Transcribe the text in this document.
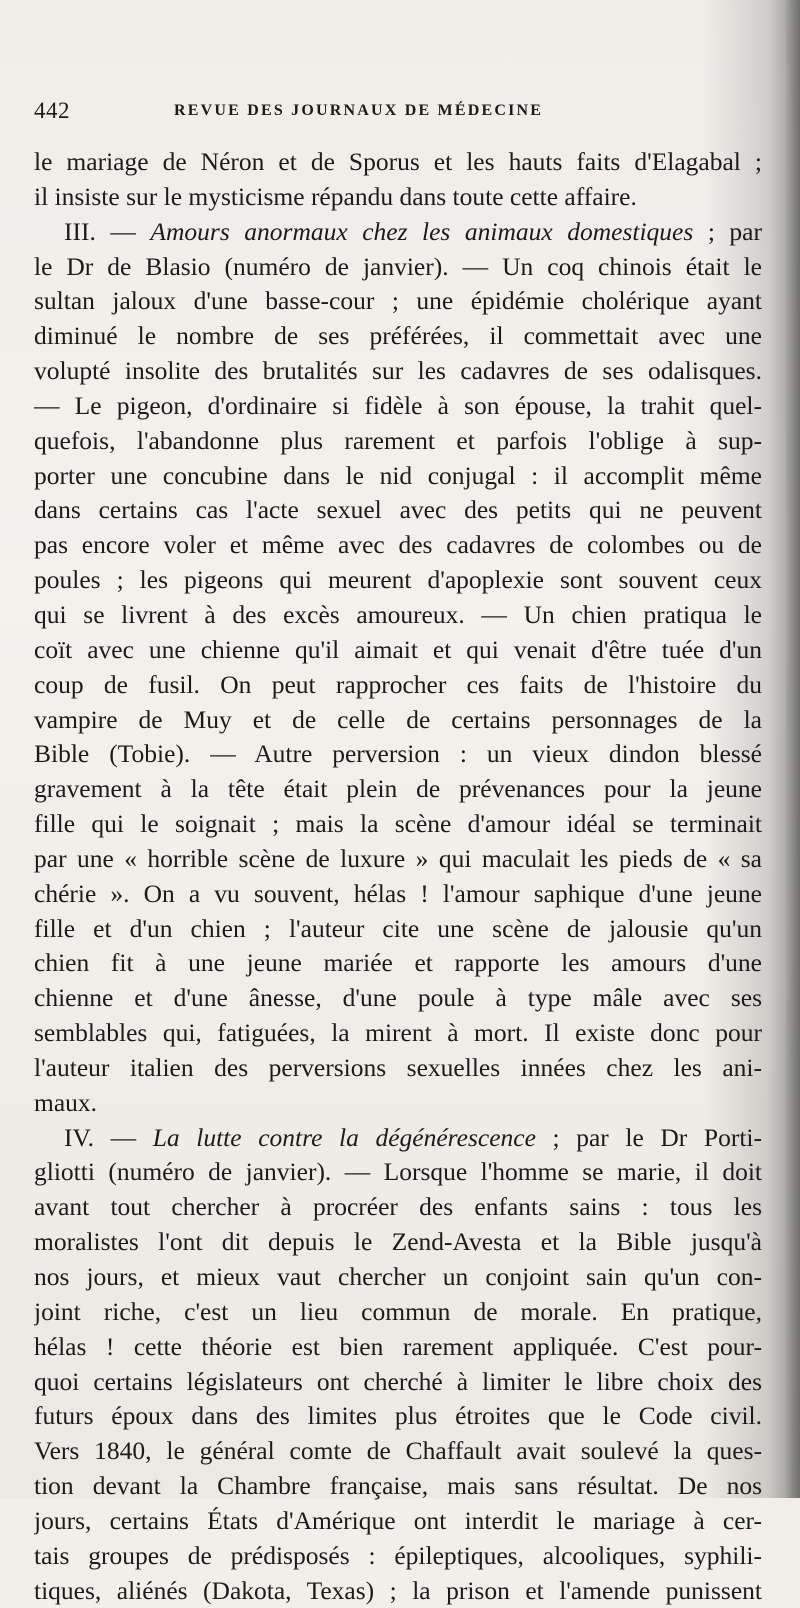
442	REVUE DES JOURNAUX DE MÉDECINE
le mariage de Néron et de Sporus et les hauts faits d'Elagabal ;
il insiste sur le mysticisme répandu dans toute cette affaire.
III. — Amours anormaux chez les animaux domestiques ; par
le Dr de Blasio (numéro de janvier). — Un coq chinois était le
sultan jaloux d'une basse-cour ; une épidémie cholérique ayant
diminué le nombre de ses préférées, il commettait avec une
volupté insolite des brutalités sur les cadavres de ses odalisques.
— Le pigeon, d'ordinaire si fidèle à son épouse, la trahit quel-
quefois, l'abandonne plus rarement et parfois l'oblige à sup-
porter une concubine dans le nid conjugal : il accomplit même
dans certains cas l'acte sexuel avec des petits qui ne peuvent
pas encore voler et même avec des cadavres de colombes ou de
poules ; les pigeons qui meurent d'apoplexie sont souvent ceux
qui se livrent à des excès amoureux. — Un chien pratiqua le
coït avec une chienne qu'il aimait et qui venait d'être tuée d'un
coup de fusil. On peut rapprocher ces faits de l'histoire du
vampire de Muy et de celle de certains personnages de la
Bible (Tobie). — Autre perversion : un vieux dindon blessé
gravement à la tête était plein de prévenances pour la jeune
fille qui le soignait ; mais la scène d'amour idéal se terminait
par une « horrible scène de luxure » qui maculait les pieds de « sa
chérie ». On a vu souvent, hélas ! l'amour saphique d'une jeune
fille et d'un chien ; l'auteur cite une scène de jalousie qu'un
chien fit à une jeune mariée et rapporte les amours d'une
chienne et d'une ânesse, d'une poule à type mâle avec ses
semblables qui, fatiguées, la mirent à mort. Il existe donc pour
l'auteur italien des perversions sexuelles innées chez les ani-
maux.
IV. — La lutte contre la dégénérescence ; par le Dr Porti-
gliotti (numéro de janvier). — Lorsque l'homme se marie, il doit
avant tout chercher à procréer des enfants sains : tous les
moralistes l'ont dit depuis le Zend-Avesta et la Bible jusqu'à
nos jours, et mieux vaut chercher un conjoint sain qu'un con-
joint riche, c'est un lieu commun de morale. En pratique,
hélas ! cette théorie est bien rarement appliquée. C'est pour-
quoi certains législateurs ont cherché à limiter le libre choix des
futurs époux dans des limites plus étroites que le Code civil.
Vers 1840, le général comte de Chaffault avait soulevé la ques-
tion devant la Chambre française, mais sans résultat. De nos
jours, certains États d'Amérique ont interdit le mariage à cer-
tais groupes de prédisposés : épileptiques, alcooliques, syphili-
tiques, aliénés (Dakota, Texas) ; la prison et l'amende punissent
